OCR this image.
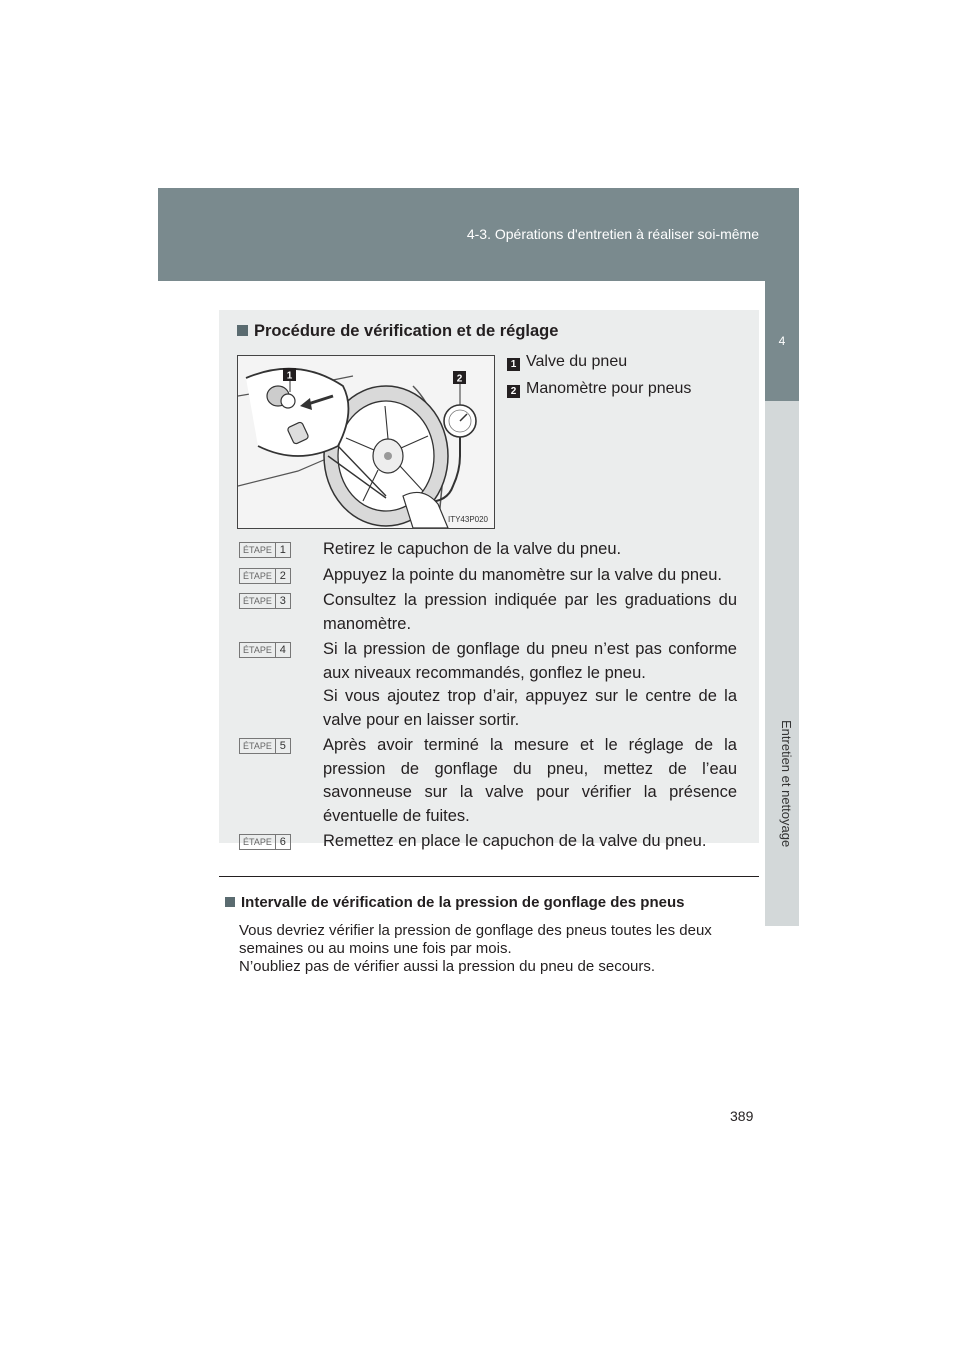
4-3. Opérations d'entretien à réaliser soi-même
4
Entretien et nettoyage
Procédure de vérification et de réglage
1	2
ITY43P020
1 Valve du pneu
2 Manomètre pour pneus
ÉTAPE 1 Retirez le capuchon de la valve du pneu.
ÉTAPE 2 Appuyez la pointe du manomètre sur la valve du pneu.
ÉTAPE 3 Consultez la pression indiquée par les graduations du manomètre.
ÉTAPE 4 Si la pression de gonflage du pneu n’est pas conforme aux niveaux recommandés, gonflez le pneu.
Si vous ajoutez trop d’air, appuyez sur le centre de la valve pour en laisser sortir.
ÉTAPE 5 Après avoir terminé la mesure et le réglage de la pression de gonflage du pneu, mettez de l’eau savonneuse sur la valve pour vérifier la présence éventuelle de fuites.
ÉTAPE 6 Remettez en place le capuchon de la valve du pneu.
Intervalle de vérification de la pression de gonflage des pneus
Vous devriez vérifier la pression de gonflage des pneus toutes les deux semaines ou au moins une fois par mois.
N’oubliez pas de vérifier aussi la pression du pneu de secours.
389
